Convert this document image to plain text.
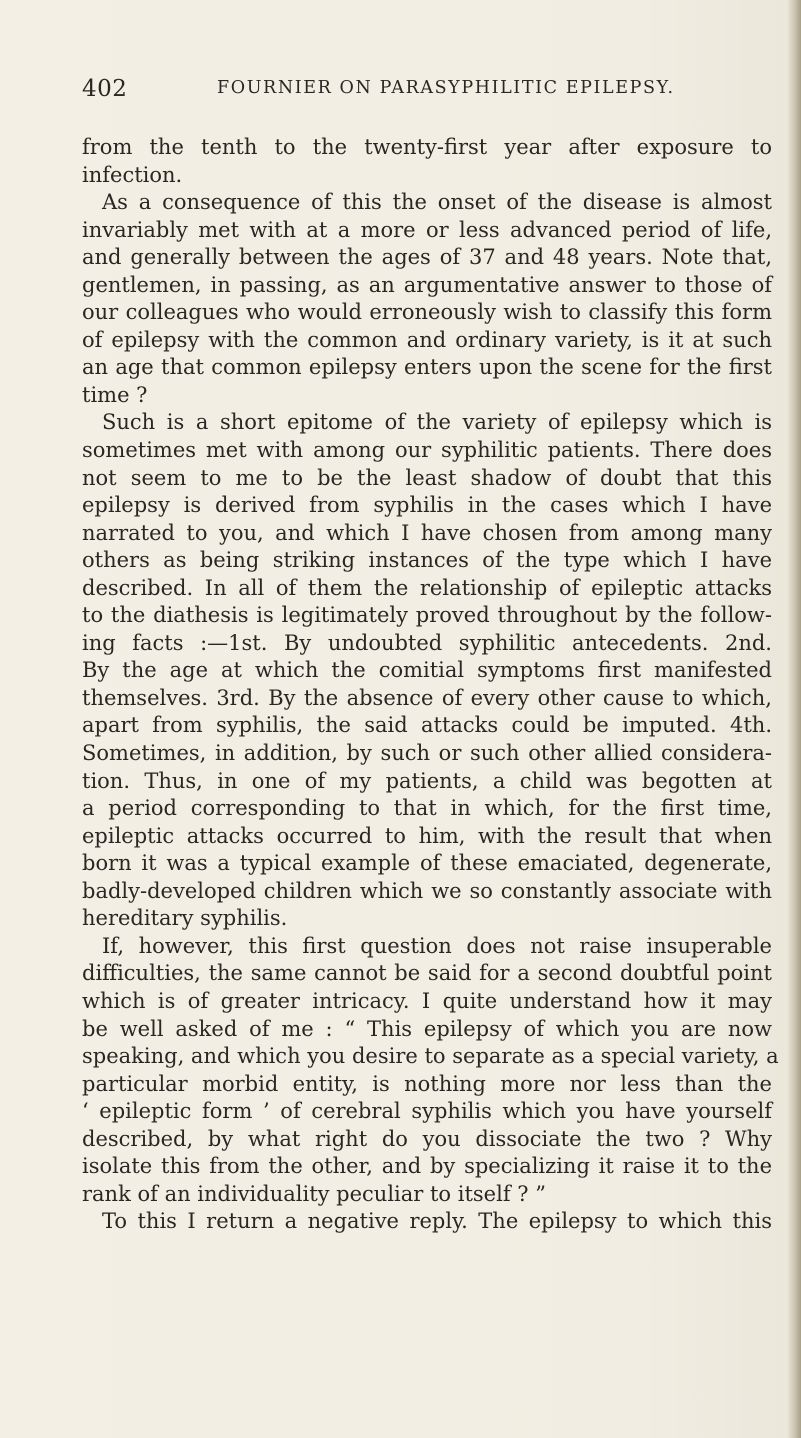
402	FOURNIER ON PARASYPHILITIC EPILEPSY.
from the tenth to the twenty-first year after exposure to
infection.
As a consequence of this the onset of the disease is almost
invariably met with at a more or less advanced period of life,
and generally between the ages of 37 and 48 years. Note that,
gentlemen, in passing, as an argumentative answer to those of
our colleagues who would erroneously wish to classify this form
of epilepsy with the common and ordinary variety, is it at such
an age that common epilepsy enters upon the scene for the first
time ?
Such is a short epitome of the variety of epilepsy which is
sometimes met with among our syphilitic patients. There does
not seem to me to be the least shadow of doubt that this
epilepsy is derived from syphilis in the cases which I have
narrated to you, and which I have chosen from among many
others as being striking instances of the type which I have
described. In all of them the relationship of epileptic attacks
to the diathesis is legitimately proved throughout by the follow-
ing facts :—1st. By undoubted syphilitic antecedents. 2nd.
By the age at which the comitial symptoms first manifested
themselves. 3rd. By the absence of every other cause to which,
apart from syphilis, the said attacks could be imputed. 4th.
Sometimes, in addition, by such or such other allied considera-
tion. Thus, in one of my patients, a child was begotten at
a period corresponding to that in which, for the first time,
epileptic attacks occurred to him, with the result that when
born it was a typical example of these emaciated, degenerate,
badly-developed children which we so constantly associate with
hereditary syphilis.
If, however, this first question does not raise insuperable
difficulties, the same cannot be said for a second doubtful point
which is of greater intricacy. I quite understand how it may
be well asked of me : “ This epilepsy of which you are now
speaking, and which you desire to separate as a special variety, a
particular morbid entity, is nothing more nor less than the
‘ epileptic form ’ of cerebral syphilis which you have yourself
described, by what right do you dissociate the two ? Why
isolate this from the other, and by specializing it raise it to the
rank of an individuality peculiar to itself ? ”
To this I return a negative reply. The epilepsy to which this
